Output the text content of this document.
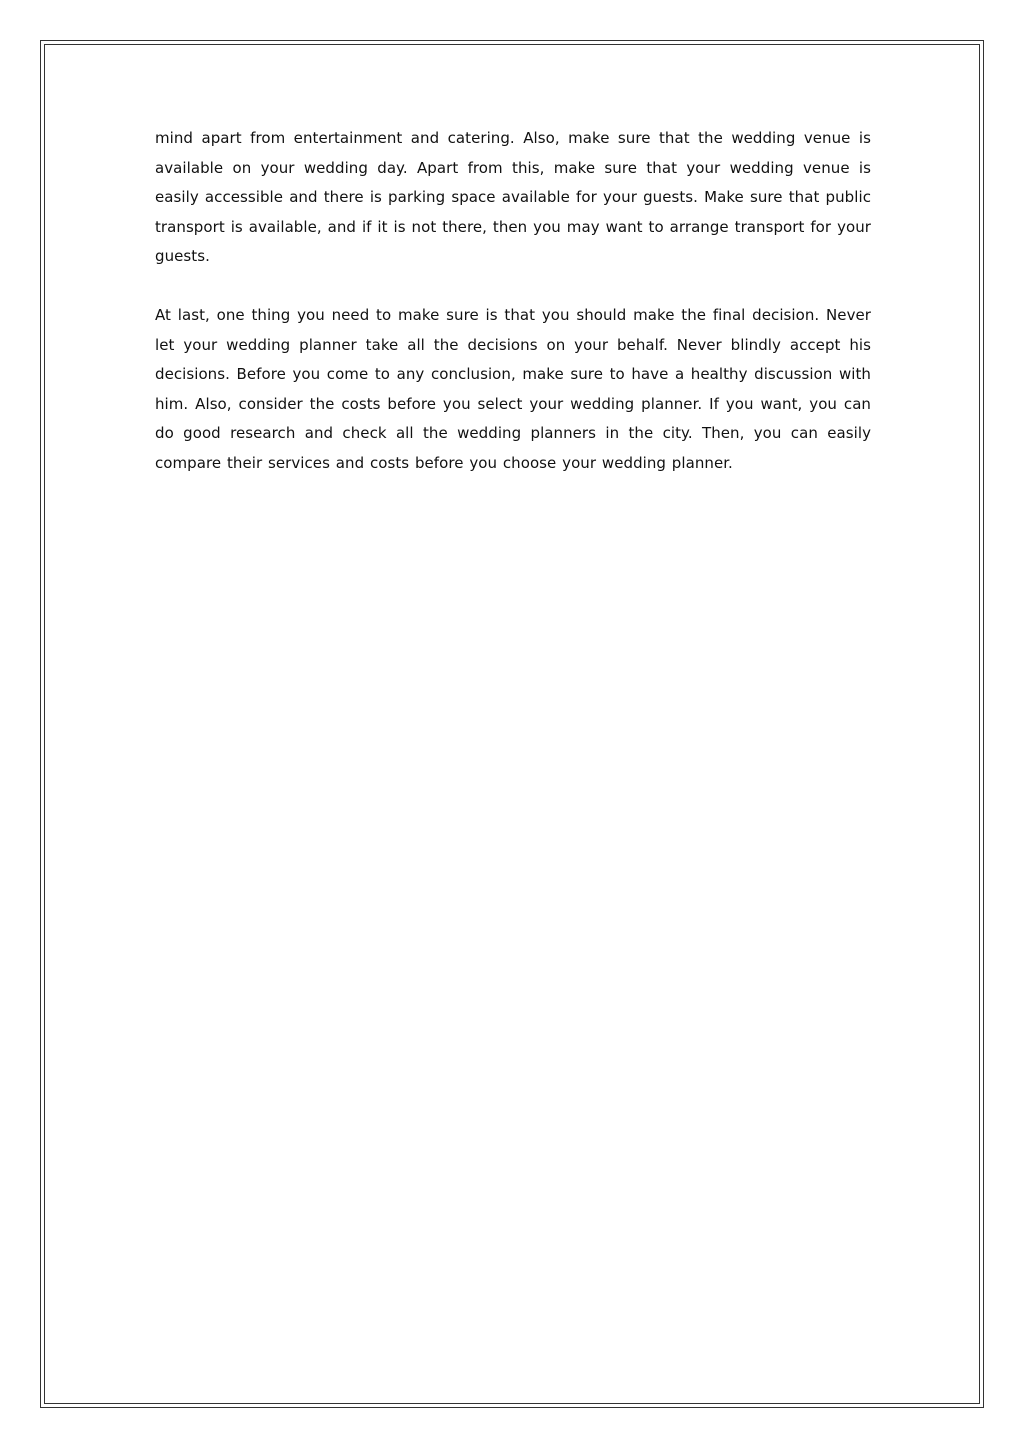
mind apart from entertainment and catering. Also, make sure that the wedding venue is available on your wedding day. Apart from this, make sure that your wedding venue is easily accessible and there is parking space available for your guests. Make sure that public transport is available, and if it is not there, then you may want to arrange transport for your guests.

At last, one thing you need to make sure is that you should make the final decision. Never let your wedding planner take all the decisions on your behalf. Never blindly accept his decisions. Before you come to any conclusion, make sure to have a healthy discussion with him. Also, consider the costs before you select your wedding planner. If you want, you can do good research and check all the wedding planners in the city. Then, you can easily compare their services and costs before you choose your wedding planner.
